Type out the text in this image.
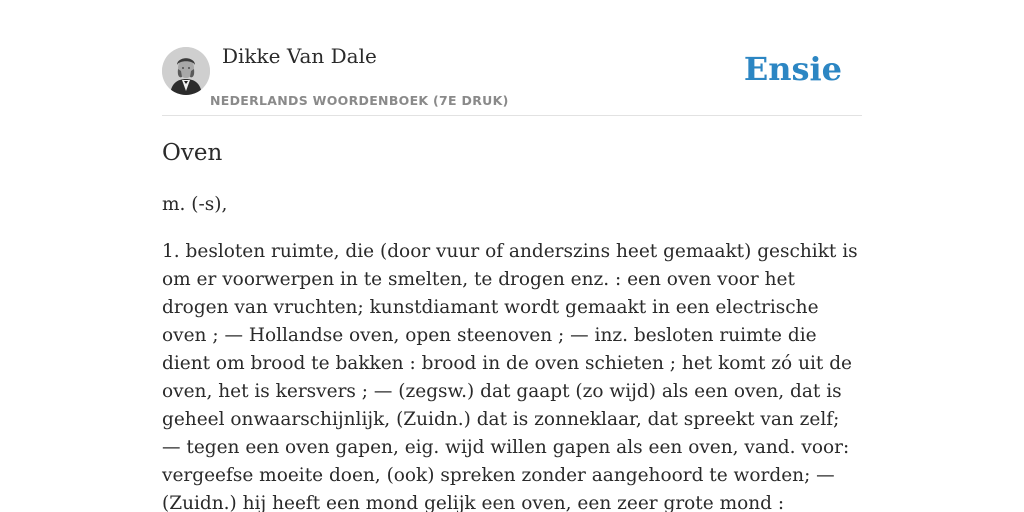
Dikke Van Dale
NEDERLANDS WOORDENBOEK (7E DRUK)
Ensie
Oven

m. (-s),

1. besloten ruimte, die (door vuur of anderszins heet gemaakt) geschikt is om er voorwerpen in te smelten, te drogen enz. : een oven voor het drogen van vruchten; kunstdiamant wordt gemaakt in een electrische oven ; — Hollandse oven, open steenoven ; — inz. besloten ruimte die dient om brood te bakken : brood in de oven schieten ; het komt zó uit de oven, het is kersvers ; — (zegsw.) dat gaapt (zo wijd) als een oven, dat is geheel onwaarschijnlijk, (Zuidn.) dat is zonneklaar, dat spreekt van zelf; — tegen een oven gapen, eig. wijd willen gapen als een oven, vand. voor: vergeefse moeite doen, (ook) spreken zonder aangehoord te worden; — (Zuidn.) hij heeft een mond gelijk een oven, een zeer grote mond :
